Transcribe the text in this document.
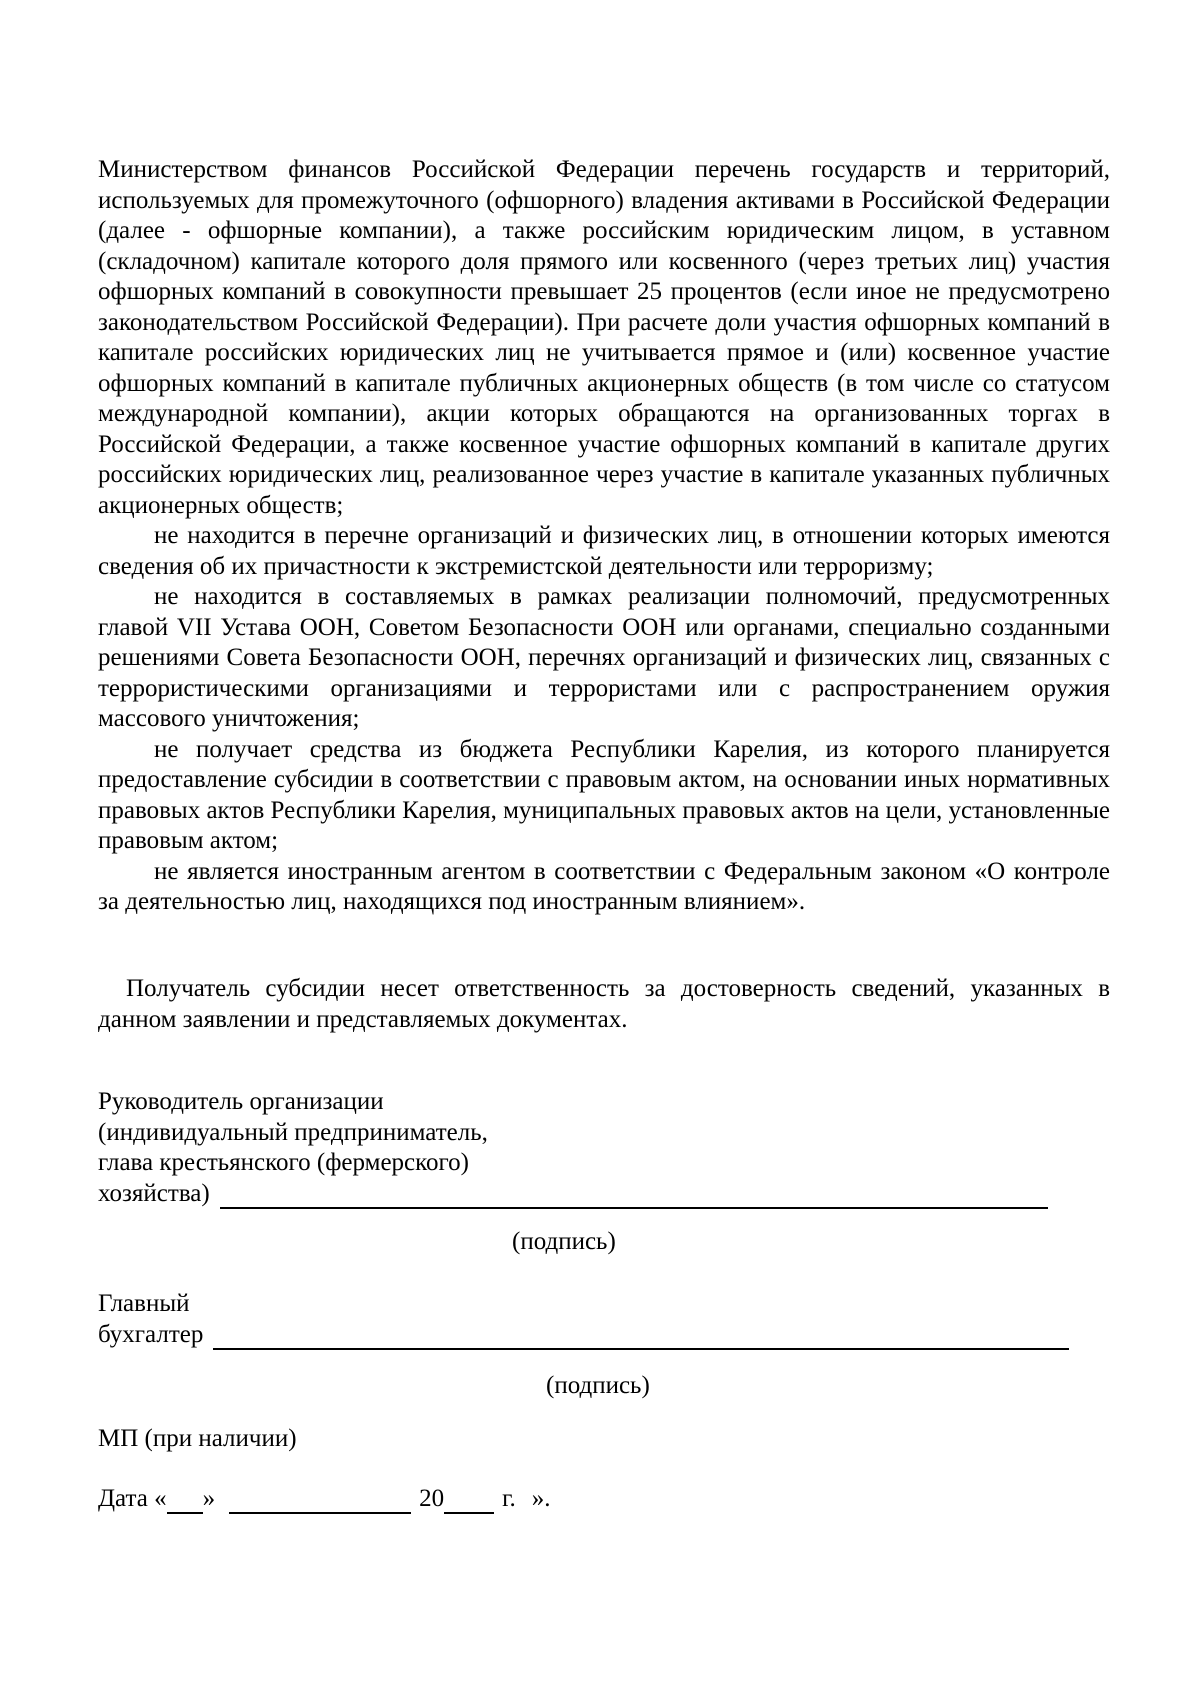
Министерством финансов Российской Федерации перечень государств и территорий, используемых для промежуточного (офшорного) владения активами в Российской Федерации (далее - офшорные компании), а также российским юридическим лицом, в уставном (складочном) капитале которого доля прямого или косвенного (через третьих лиц) участия офшорных компаний в совокупности превышает 25 процентов (если иное не предусмотрено законодательством Российской Федерации). При расчете доли участия офшорных компаний в капитале российских юридических лиц не учитывается прямое и (или) косвенное участие офшорных компаний в капитале публичных акционерных обществ (в том числе со статусом международной компании), акции которых обращаются на организованных торгах в Российской Федерации, а также косвенное участие офшорных компаний в капитале других российских юридических лиц, реализованное через участие в капитале указанных публичных акционерных обществ;

не находится в перечне организаций и физических лиц, в отношении которых имеются сведения об их причастности к экстремистской деятельности или терроризму;

не находится в составляемых в рамках реализации полномочий, предусмотренных главой VII Устава ООН, Советом Безопасности ООН или органами, специально созданными решениями Совета Безопасности ООН, перечнях организаций и физических лиц, связанных с террористическими организациями и террористами или с распространением оружия массового уничтожения;

не получает средства из бюджета Республики Карелия, из которого планируется предоставление субсидии в соответствии с правовым актом, на основании иных нормативных правовых актов Республики Карелия, муниципальных правовых актов на цели, установленные правовым актом;

не является иностранным агентом в соответствии с Федеральным законом «О контроле за деятельностью лиц, находящихся под иностранным влиянием».

Получатель субсидии несет ответственность за достоверность сведений, указанных в данном заявлении и представляемых документах.

Руководитель организации
(индивидуальный предприниматель,
глава крестьянского (фермерского)
хозяйства)
(подпись)
Главный
бухгалтер
(подпись)
МП (при наличии)
Дата « »	20 г. ».
